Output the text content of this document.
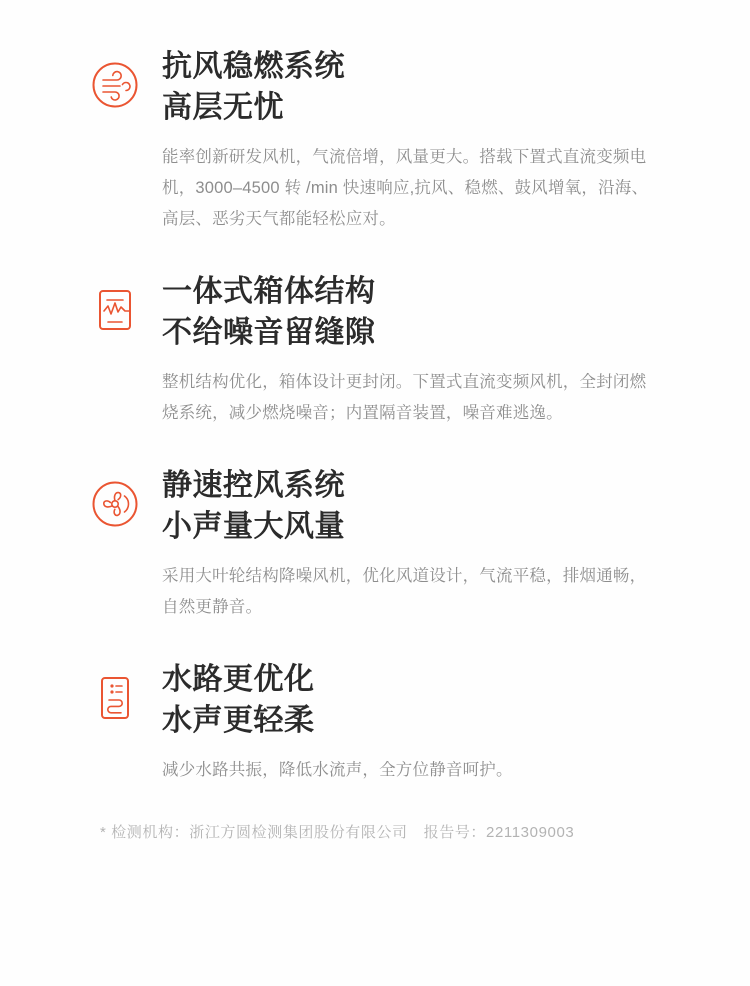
抗风稳燃系统
高层无忧
能率创新研发风机，气流倍增，风量更大。搭载下置式直流变频电机，3000–4500 转 /min 快速响应,抗风、稳燃、鼓风增氧，沿海、高层、恶劣天气都能轻松应对。
一体式箱体结构
不给噪音留缝隙
整机结构优化，箱体设计更封闭。下置式直流变频风机，全封闭燃烧系统，减少燃烧噪音；内置隔音装置，噪音难逃逸。
静速控风系统
小声量大风量
采用大叶轮结构降噪风机，优化风道设计，气流平稳，排烟通畅，自然更静音。
水路更优化
水声更轻柔
减少水路共振，降低水流声，全方位静音呵护。
* 检测机构：浙江方圆检测集团股份有限公司 报告号：2211309003
